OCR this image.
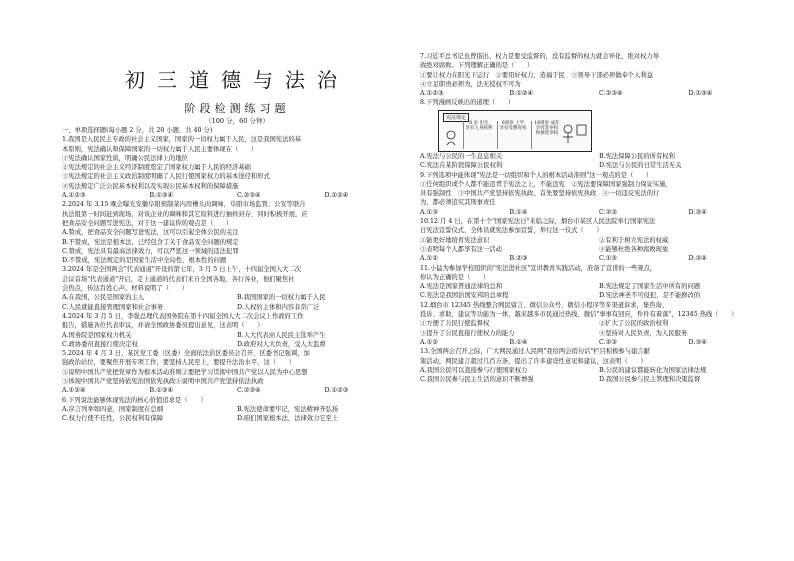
初三道德与法治
阶段检测练习题
（100 分，60 分钟）
一、单项选择题(每小题 2 分，共 20 小题，共 40 分)
1.我国是人民民主专政的社会主义国家，国家的一切权力属于人民，这是我国宪法的基
本原则，宪法确认和保障国家的一切权力属于人民主要体现在（　　）
①宪法确认国家性质，明确公民法律上的地位
②宪法规定的社会主义经济制度奠定了国家权力属于人民的经济基础
③宪法规定的社会主义政治制度明确了人民行使国家权力的基本途径和形式
④宪法规定广泛公民基本权利以及实现公民基本权利的保障措施
A.①②③	B.①③④	C.②③④	D.①②④
2.2024 年 3.15 晚会曝光安徽阜阳预制菜内用槽头肉调味，阜阳市场监管、公安等联合
执法组第一时间赶到现场，对该企业的调味和其它原料进行抽样封存，同时积极开展，应
把食品安全问题写进宪法，对于这一建议你的观点是（　　）
A.赞成，把食品安全问题写进宪法，这可以引起全体公民的关注
B.不赞成，宪法是根本法，已经包含了关于食品安全问题的规定
C.赞成，宪法具有最高法律效力，可以严惩这一领域的违法犯罪
D.不赞成，宪法规定的是国家生活中全局性、根本性的问题
3.2024 年是全国两会"代表通道"开设的第七年，3 月 5 日上午，十四届全国人大二次
会议首场"代表通道"开启，走上通道的代表们来自全国各地、各行各业，他们聚焦社
会热点，传达百姓心声。材料说明了（　　）
A.在我国，公民是国家的主人	B.我国国家的一切权力属于人民
C.人民就能直接管理国家和社会事务	D.人权的主体和内容非常广泛
4.2024 年 3 月 5 日，李强总理代表国务院在第十四届全国人大二次会议上作政府工作
报告，措施各位代表审议，并请全国政协委员提出意见，这表明（　　）
A.国务院是国家权力机关	B.人大代表由人民民主选举产生
C.政协委员直接行使决定权	D.政府对人大负责，受人大监督
5.2024 年 4 月 3 日，某区党工委（区委）全面依法治区委员会召开，区委书记强调，加
强政治站位，要聚焦开展专项工作，要坚持人民至上，要提升法治水平，这（　　）
①说明中国共产党把党章作为根本活动准则②要把学习贯彻中国共产党以人民为中心思想
③体现中国共产党坚持依宪治国依宪执政④说明中国共产党坚持依法执政
A.①②④	B.①③④	C.②③④	D.①②③
6.下列说法能够体现宪法的核心价值追求是（　　）
A.序言列举如四意，国家制度在总纲	B.宪法使命要牢记，宪法精神齐弘扬
C.权力行使不任性，公民权利有保障	D.咱们国家根本法，法律效力它至上
7.习近平总书记也曾指出，权力是要受监督的，没有监督的权力就会异化，绝对权力导
致绝对腐败。下列理解正确的是（　　）
①要让权力在阳光下运行　②要用好权力，造福于民　③领导干部必须做奉个人利益
④立足职责必须为，法无授权不可为
A.①②③	B.①②④	C.②③④	D.①③④
8.下列漫画反映出的道理（　　）
宪法规定
0 岁 出生
享有人身权利
6周岁 上学
享有受教育权
18周岁 成年
享有选举权
和被选举权
A.宪法与公民的一生息息相关	B.宪法保障公民的所有权利
C.宪法在某阶段保障公民权利	D.宪法与公民的日常生活无关
9.下列选项中能体现"宪法是一切组织和个人的根本活动准则"这一观点的是（　　）
①任何组织或个人都不能违背于宪法之上，不能违宪　②宪法要保障国家强制力保证实施，
具有强制性　③中国共产党坚持依宪执政，首先要坚持依宪执政　④一切违反宪法的行
为，都必须追究其刑事责任
A.①③	B.①④	C.②③	D.③④
10.12 月 4 日，在第十个"国家宪法日"来临之际，烟台市某区人民法院举行国家宪法
日宪法宣誓仪式，全体员就宪法参加宣誓，举行这一仪式（　　）
①能更好地培育宪法意识	②有利于树立宪法的权威
③表明每个人都享有这一活动	④能够杜绝各种腐败现象
A.①②	B.②③	C.①③	D.③④
11.小猛为参加学校组织的"宪法进社区"宣讲教育实践活动，准备了宣讲的一些观点，
你认为正确的是（　　）
A.宪法是国家普通法律的总和	B.宪法规定了国家生活中所有的问题
C.宪法是我国治国安邦的总章程	D.宪法神圣不可侵犯，是不能修改的
12.烟台市 12345 热线整合网民留言、微信公众号、微信小程序等多渠道诉求，集咨询、
投诉、求助、建议等功能为一体，越来越多市民通过热线、微信"事事有回应，件件有着落"，12345 热线（　　）
①方便了公民行使监督权	②扩大了公民的政治权利
③提升了公民直接行使权力的能力	④坚持对人民负责，为人民服务
A.①②	B.①④	C.②③	D.③④
13.全国两会召开之际，广大网民通过人民网"我给两会捎句话"栏目积极参与建言献
策活动，网民建言超过几百万条，提出了许多建设性意见和建议，这表明（　　）
A.我国公民可以直接参与行使国家权力	B.公民的建议都能转化为国家法律法规
C.我国公民参与民主生活的意识不断增强	D.我国公民参与民主管理和决策监督
